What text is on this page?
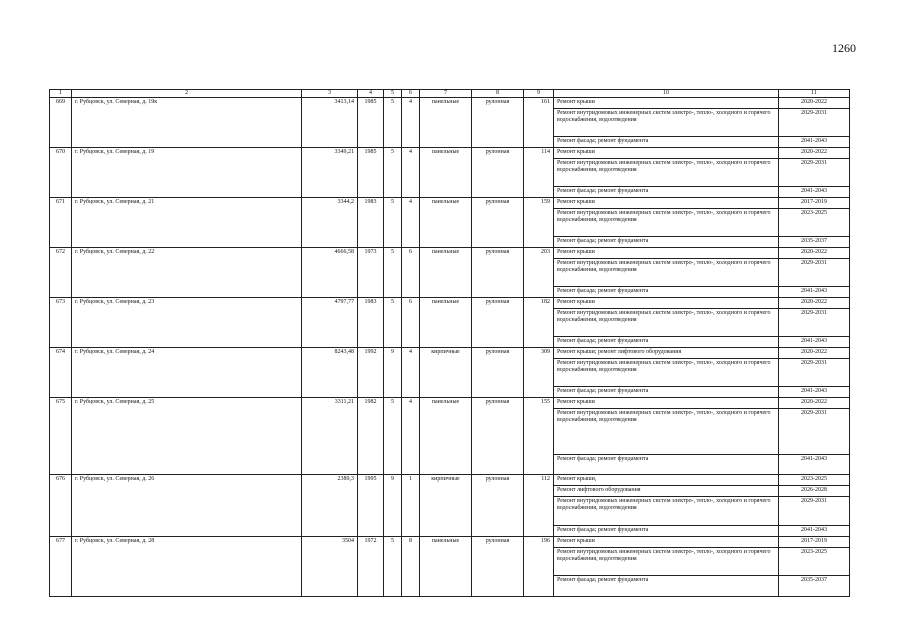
1260
1	2	3	4	5	6	7	8	9	10	11
669	г. Рубцовск, ул. Северная, д. 19к	3413,14	1985	5	4	панельные	рулонная	161	Ремонт крыши	2020-2022
									Ремонт внутридомовых инженерных систем электро-, тепло-, холодного и горячего водоснабжения, водоотведения	2029-2031
									Ремонт фасада; ремонт фундамента	2041-2043
670	г. Рубцовск, ул. Северная, д. 19	3349,21	1985	5	4	панельные	рулонная	114	Ремонт крыши	2020-2022
									Ремонт внутридомовых инженерных систем электро-, тепло-, холодного и горячего водоснабжения, водоотведения	2029-2031
									Ремонт фасада; ремонт фундамента	2041-2043
671	г. Рубцовск, ул. Северная, д. 21	3344,2	1983	5	4	панельные	рулонная	159	Ремонт крыши	2017-2019
									Ремонт внутридомовых инженерных систем электро-, тепло-, холодного и горячего водоснабжения, водоотведения	2023-2025
									Ремонт фасада; ремонт фундамента	2035-2037
672	г. Рубцовск, ул. Северная, д. 22	4666,58	1973	5	6	панельные	рулонная	203	Ремонт крыши	2020-2022
									Ремонт внутридомовых инженерных систем электро-, тепло-, холодного и горячего водоснабжения, водоотведения	2029-2031
									Ремонт фасада; ремонт фундамента	2041-2043
673	г. Рубцовск, ул. Северная, д. 23	4797,77	1983	5	6	панельные	рулонная	182	Ремонт крыши	2020-2022
									Ремонт внутридомовых инженерных систем электро-, тепло-, холодного и горячего водоснабжения, водоотведения	2029-2031
									Ремонт фасада; ремонт фундамента	2041-2043
674	г. Рубцовск, ул. Северная, д. 24	8243,48	1992	9	4	кирпичные	рулонная	309	Ремонт крыши; ремонт лифтового оборудования	2020-2022
									Ремонт внутридомовых инженерных систем электро-, тепло-, холодного и горячего водоснабжения, водоотведения	2029-2031
									Ремонт фасада; ремонт фундамента	2041-2043
675	г. Рубцовск, ул. Северная, д. 25	3311,21	1982	5	4	панельные	рулонная	155	Ремонт крыши	2020-2022
									Ремонт внутридомовых инженерных систем электро-, тепло-, холодного и горячего водоснабжения, водоотведения	2029-2031
									Ремонт фасада; ремонт фундамента	2041-2043
676	г. Рубцовск, ул. Северная, д. 26	2389,3	1995	9	1	кирпичные	рулонная	112	Ремонт крыши,	2023-2025
									Ремонт лифтового оборудования	2026-2028
									Ремонт внутридомовых инженерных систем электро-, тепло-, холодного и горячего водоснабжения, водоотведения	2029-2031
									Ремонт фасада; ремонт фундамента	2041-2043
677	г. Рубцовск, ул. Северная, д. 28	3504	1972	5	8	панельные	рулонная	196	Ремонт крыши	2017-2019
									Ремонт внутридомовых инженерных систем электро-, тепло-, холодного и горячего водоснабжения, водоотведения	2023-2025
									Ремонт фасада; ремонт фундамента	2035-2037
